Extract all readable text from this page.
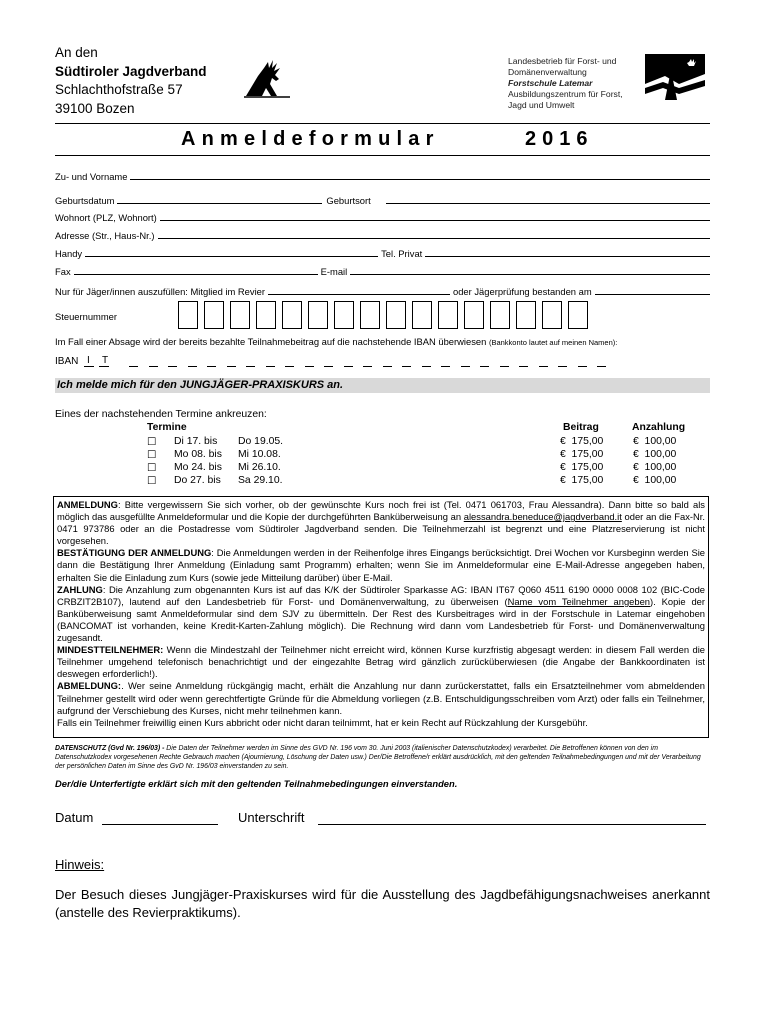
An den
Südtiroler Jagdverband
Schlachthofstraße 57
39100 Bozen
Landesbetrieb für Forst- und
Domänenverwaltung
Forstschule Latemar
Ausbildungszentrum für Forst,
Jagd und Umwelt
Anmeldeformular	2016
Zu- und Vorname
Geburtsdatum	Geburtsort
Wohnort (PLZ, Wohnort)
Adresse (Str., Haus-Nr.)
Handy	Tel. Privat
Fax	E-mail
Nur für Jäger/innen auszufüllen: Mitglied im Revier	oder Jägerprüfung bestanden am
Steuernummer
Im Fall einer Absage wird der bereits bezahlte Teilnahmebeitrag auf die nachstehende IBAN überwiesen (Bankkonto lautet auf meinen Namen):
IBAN I T
Ich melde mich für den JUNGJÄGER-PRAXISKURS an.
Eines der nachstehenden Termine ankreuzen:
Termine	Beitrag	Anzahlung
☐ Di 17. bis Do 19.05.	€  175,00	€  100,00
☐ Mo 08. bis Mi 10.08.	€  175,00	€  100,00
☐ Mo 24. bis Mi 26.10.	€  175,00	€  100,00
☐ Do 27. bis Sa 29.10.	€  175,00	€  100,00

ANMELDUNG: Bitte vergewissern Sie sich vorher, ob der gewünschte Kurs noch frei ist (Tel. 0471 061703, Frau Alessandra). Dann bitte so bald als möglich das ausgefüllte Anmeldeformular und die Kopie der durchgeführten Banküberweisung an alessandra.beneduce@jagdverband.it oder an die Fax-Nr. 0471 973786 oder an die Postadresse vom Südtiroler Jagdverband senden. Die Teilnehmerzahl ist begrenzt und eine Platzreservierung ist nicht vorgesehen.

BESTÄTIGUNG DER ANMELDUNG: Die Anmeldungen werden in der Reihenfolge ihres Eingangs berücksichtigt. Drei Wochen vor Kursbeginn werden Sie dann die Bestätigung Ihrer Anmeldung (Einladung samt Programm) erhalten; wenn Sie im Anmeldeformular eine E-Mail-Adresse angegeben haben, erhalten Sie die Einladung zum Kurs (sowie jede Mitteilung darüber) über E-Mail.

ZAHLUNG: Die Anzahlung zum obgenannten Kurs ist auf das K/K der Südtiroler Sparkasse AG: IBAN IT67 Q060 4511 6190 0000 0008 102 (BIC-Code CRBZIT2B107), lautend auf den Landesbetrieb für Forst- und Domänenverwaltung, zu überweisen (Name vom Teilnehmer angeben). Kopie der Banküberweisung samt Anmeldeformular sind dem SJV zu übermitteln. Der Rest des Kursbeitrages wird in der Forstschule in Latemar eingehoben (BANCOMAT ist vorhanden, keine Kredit-Karten-Zahlung möglich). Die Rechnung wird dann vom Landesbetrieb für Forst- und Domänenverwaltung zugesandt.

MINDESTTEILNEHMER: Wenn die Mindestzahl der Teilnehmer nicht erreicht wird, können Kurse kurzfristig abgesagt werden: in diesem Fall werden die Teilnehmer umgehend telefonisch benachrichtigt und der eingezahlte Betrag wird gänzlich zurücküberwiesen (die Angabe der Bankkoordinaten ist deswegen erforderlich!).

ABMELDUNG:. Wer seine Anmeldung rückgängig macht, erhält die Anzahlung nur dann zurückerstattet, falls ein Ersatzteilnehmer vom abmeldenden Teilnehmer gestellt wird oder wenn gerechtfertigte Gründe für die Abmeldung vorliegen (z.B. Entschuldigungsschreiben vom Arzt) oder falls ein Teilnehmer, aufgrund der Verschiebung des Kurses, nicht mehr teilnehmen kann.

Falls ein Teilnehmer freiwillig einen Kurs abbricht oder nicht daran teilnimmt, hat er kein Recht auf Rückzahlung der Kursgebühr.

DATENSCHUTZ (Gvd Nr. 196/03) - Die Daten der Teilnehmer werden im Sinne des GVD Nr. 196 vom 30. Juni 2003 (italienischer Datenschutzkodex) verarbeitet. Die Betroffenen können von den im Datenschutzkodex vorgesehenen Rechte Gebrauch machen (Ajournierung, Löschung der Daten usw.) Der/Die Betroffene/r erklärt ausdrücklich, mit den geltenden Teilnahmebedingungen und mit der Verarbeitung der persönlichen Daten im Sinne des GvD Nr. 196/03 einverstanden zu sein.
Der/die Unterfertigte erklärt sich mit den geltenden Teilnahmebedingungen einverstanden.
Datum	Unterschrift
Hinweis:
Der Besuch dieses Jungjäger-Praxiskurses wird für die Ausstellung des Jagdbefähigungsnachweises anerkannt (anstelle des Revierpraktikums).
